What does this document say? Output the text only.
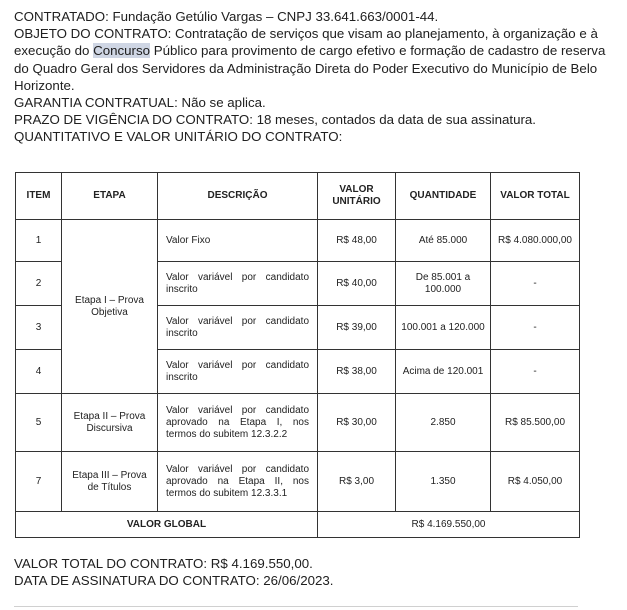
CONTRATADO: Fundação Getúlio Vargas – CNPJ 33.641.663/0001-44.

OBJETO DO CONTRATO: Contratação de serviços que visam ao planejamento, à organização e à execução do Concurso Público para provimento de cargo efetivo e formação de cadastro de reserva do Quadro Geral dos Servidores da Administração Direta do Poder Executivo do Município de Belo Horizonte.

GARANTIA CONTRATUAL: Não se aplica.

PRAZO DE VIGÊNCIA DO CONTRATO: 18 meses, contados da data de sua assinatura.

QUANTITATIVO E VALOR UNITÁRIO DO CONTRATO:

ITEM	ETAPA	DESCRIÇÃO	VALOR UNITÁRIO	QUANTIDADE	VALOR TOTAL
1	Etapa I – Prova Objetiva	Valor Fixo	R$ 48,00	Até 85.000	R$ 4.080.000,00
2		Valor variável por candidato inscrito	R$ 40,00	De 85.001 a 100.000	-
3		Valor variável por candidato inscrito	R$ 39,00	100.001 a 120.000	-
4		Valor variável por candidato inscrito	R$ 38,00	Acima de 120.001	-
5	Etapa II – Prova Discursiva	Valor variável por candidato aprovado na Etapa I, nos termos do subitem 12.3.2.2	R$ 30,00	2.850	R$ 85.500,00
7	Etapa III – Prova de Títulos	Valor variável por candidato aprovado na Etapa II, nos termos do subitem 12.3.3.1	R$ 3,00	1.350	R$ 4.050,00
VALOR GLOBAL			R$ 4.169.550,00		

VALOR TOTAL DO CONTRATO: R$ 4.169.550,00.

DATA DE ASSINATURA DO CONTRATO: 26/06/2023.
